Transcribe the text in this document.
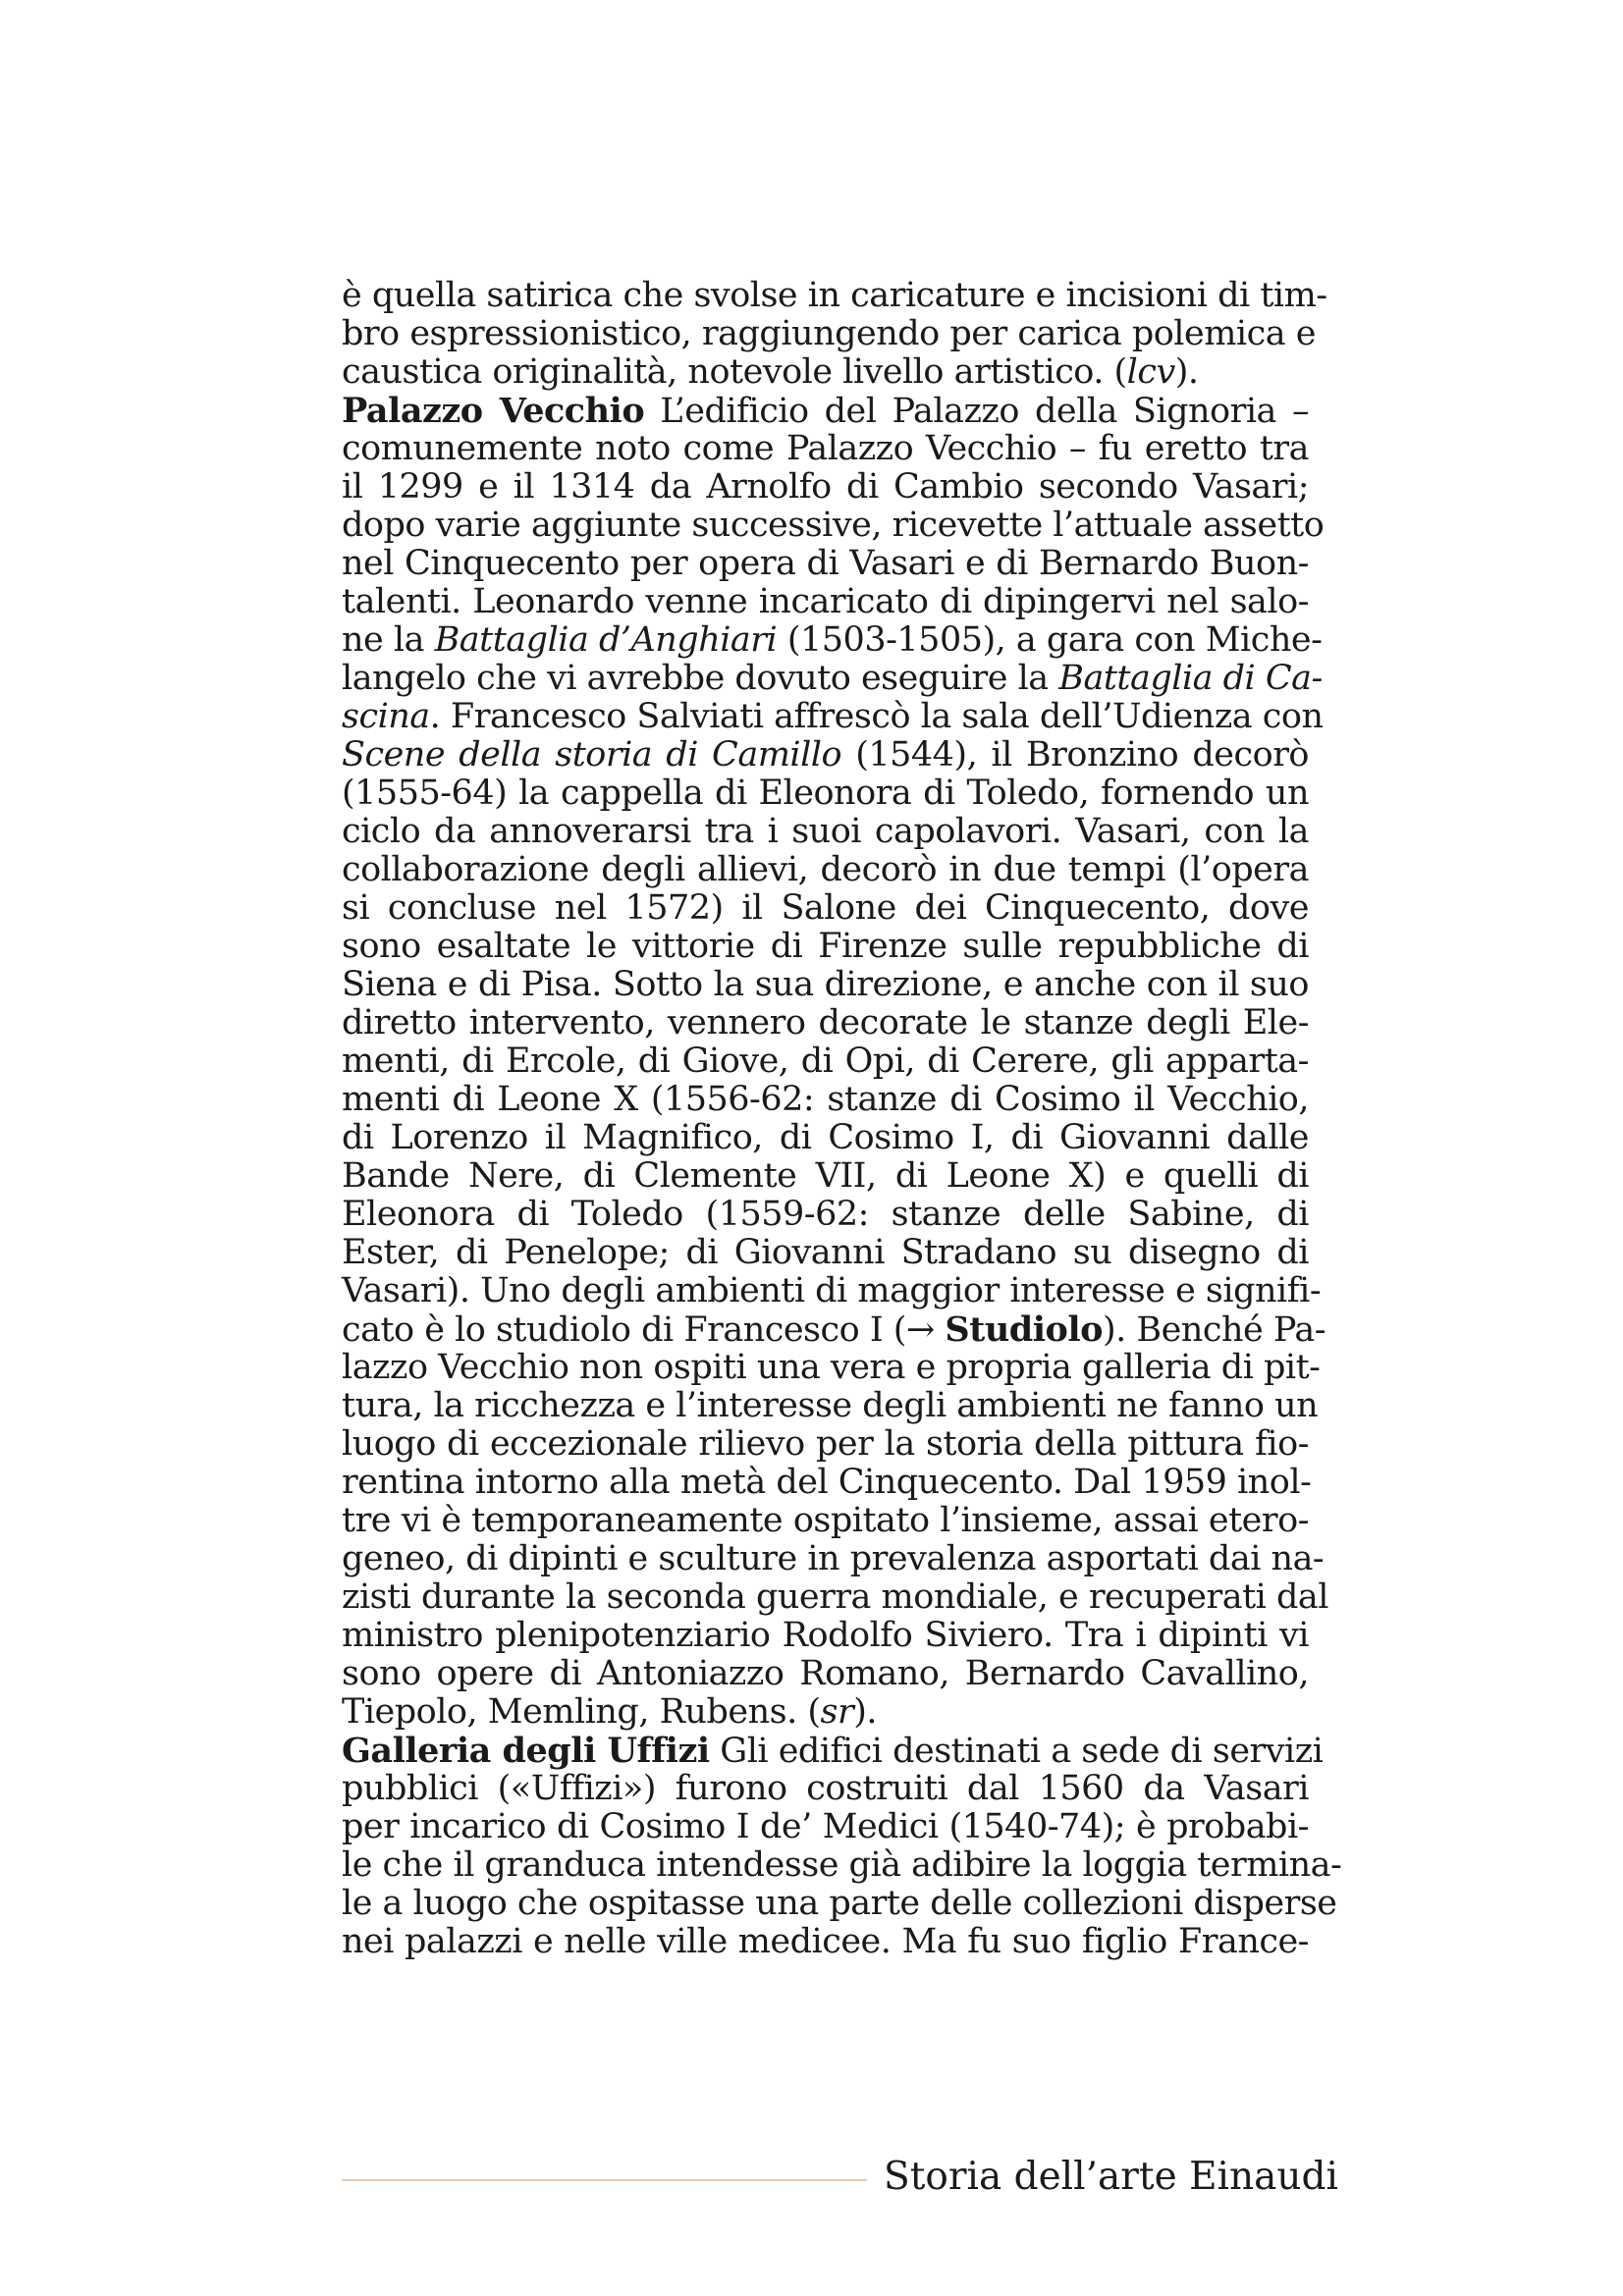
è quella satirica che svolse in caricature e incisioni di tim-
bro espressionistico, raggiungendo per carica polemica e
caustica originalità, notevole livello artistico. (lcv).
Palazzo Vecchio L’edificio del Palazzo della Signoria –
comunemente noto come Palazzo Vecchio – fu eretto tra
il 1299 e il 1314 da Arnolfo di Cambio secondo Vasari;
dopo varie aggiunte successive, ricevette l’attuale assetto
nel Cinquecento per opera di Vasari e di Bernardo Buon-
talenti. Leonardo venne incaricato di dipingervi nel salo-
ne la Battaglia d’Anghiari (1503-1505), a gara con Miche-
langelo che vi avrebbe dovuto eseguire la Battaglia di Ca-
scina. Francesco Salviati affrescò la sala dell’Udienza con
Scene della storia di Camillo (1544), il Bronzino decorò
(1555-64) la cappella di Eleonora di Toledo, fornendo un
ciclo da annoverarsi tra i suoi capolavori. Vasari, con la
collaborazione degli allievi, decorò in due tempi (l’opera
si concluse nel 1572) il Salone dei Cinquecento, dove
sono esaltate le vittorie di Firenze sulle repubbliche di
Siena e di Pisa. Sotto la sua direzione, e anche con il suo
diretto intervento, vennero decorate le stanze degli Ele-
menti, di Ercole, di Giove, di Opi, di Cerere, gli apparta-
menti di Leone X (1556-62: stanze di Cosimo il Vecchio,
di Lorenzo il Magnifico, di Cosimo I, di Giovanni dalle
Bande Nere, di Clemente VII, di Leone X) e quelli di
Eleonora di Toledo (1559-62: stanze delle Sabine, di
Ester, di Penelope; di Giovanni Stradano su disegno di
Vasari). Uno degli ambienti di maggior interesse e signifi-
cato è lo studiolo di Francesco I (→ Studiolo). Benché Pa-
lazzo Vecchio non ospiti una vera e propria galleria di pit-
tura, la ricchezza e l’interesse degli ambienti ne fanno un
luogo di eccezionale rilievo per la storia della pittura fio-
rentina intorno alla metà del Cinquecento. Dal 1959 inol-
tre vi è temporaneamente ospitato l’insieme, assai etero-
geneo, di dipinti e sculture in prevalenza asportati dai na-
zisti durante la seconda guerra mondiale, e recuperati dal
ministro plenipotenziario Rodolfo Siviero. Tra i dipinti vi
sono opere di Antoniazzo Romano, Bernardo Cavallino,
Tiepolo, Memling, Rubens. (sr).
Galleria degli Uffizi Gli edifici destinati a sede di servizi
pubblici («Uffizi») furono costruiti dal 1560 da Vasari
per incarico di Cosimo I de’ Medici (1540-74); è probabi-
le che il granduca intendesse già adibire la loggia termina-
le a luogo che ospitasse una parte delle collezioni disperse
nei palazzi e nelle ville medicee. Ma fu suo figlio France-
Storia dell’arte Einaudi
